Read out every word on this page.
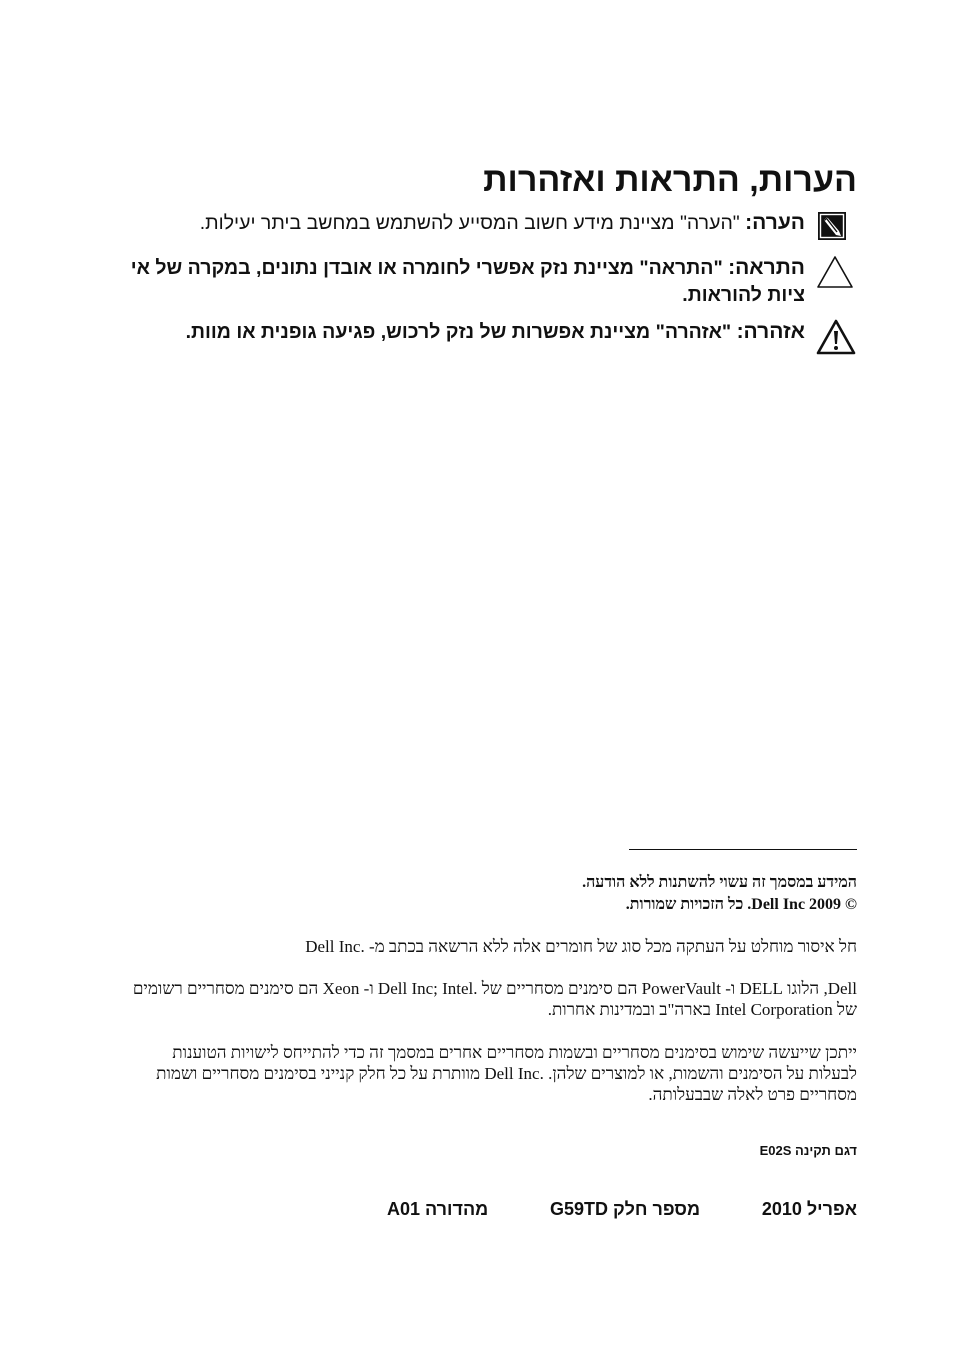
הערות, התראות ואזהרות
הערה: "הערה" מציינת מידע חשוב המסייע להשתמש במחשב ביתר יעילות.
התראה: "התראה" מציינת נזק אפשרי לחומרה או אובדן נתונים, במקרה של אי ציות להוראות.
אזהרה: "אזהרה" מציינת אפשרות של נזק לרכוש, פגיעה גופנית או מוות.
המידע במסמך זה עשוי להשתנות ללא הודעה.
© 2009 Dell Inc. כל הזכויות שמורות.
חל איסור מוחלט על העתקה מכל סוג של חומרים אלה ללא הרשאה בכתב מ- .Dell Inc
Dell, הלוגו DELL ו- PowerVault הם סימנים מסחריים של .Dell Inc; Intel ו- Xeon הם סימנים מסחריים רשומים של Intel Corporation בארה"ב ובמדינות אחרות.
ייתכן שייעשה שימוש בסימנים מסחריים ובשמות מסחריים אחרים במסמך זה כדי להתייחס לישויות הטוענות לבעלות על הסימנים והשמות, או למוצרים שלהן. .Dell Inc מוותרת על כל חלק קנייני בסימנים מסחריים ושמות מסחריים פרט לאלה שבבעלותה.
דגם תקינה E02S
אפריל 2010
מספר חלק G59TD
מהדורה A01
